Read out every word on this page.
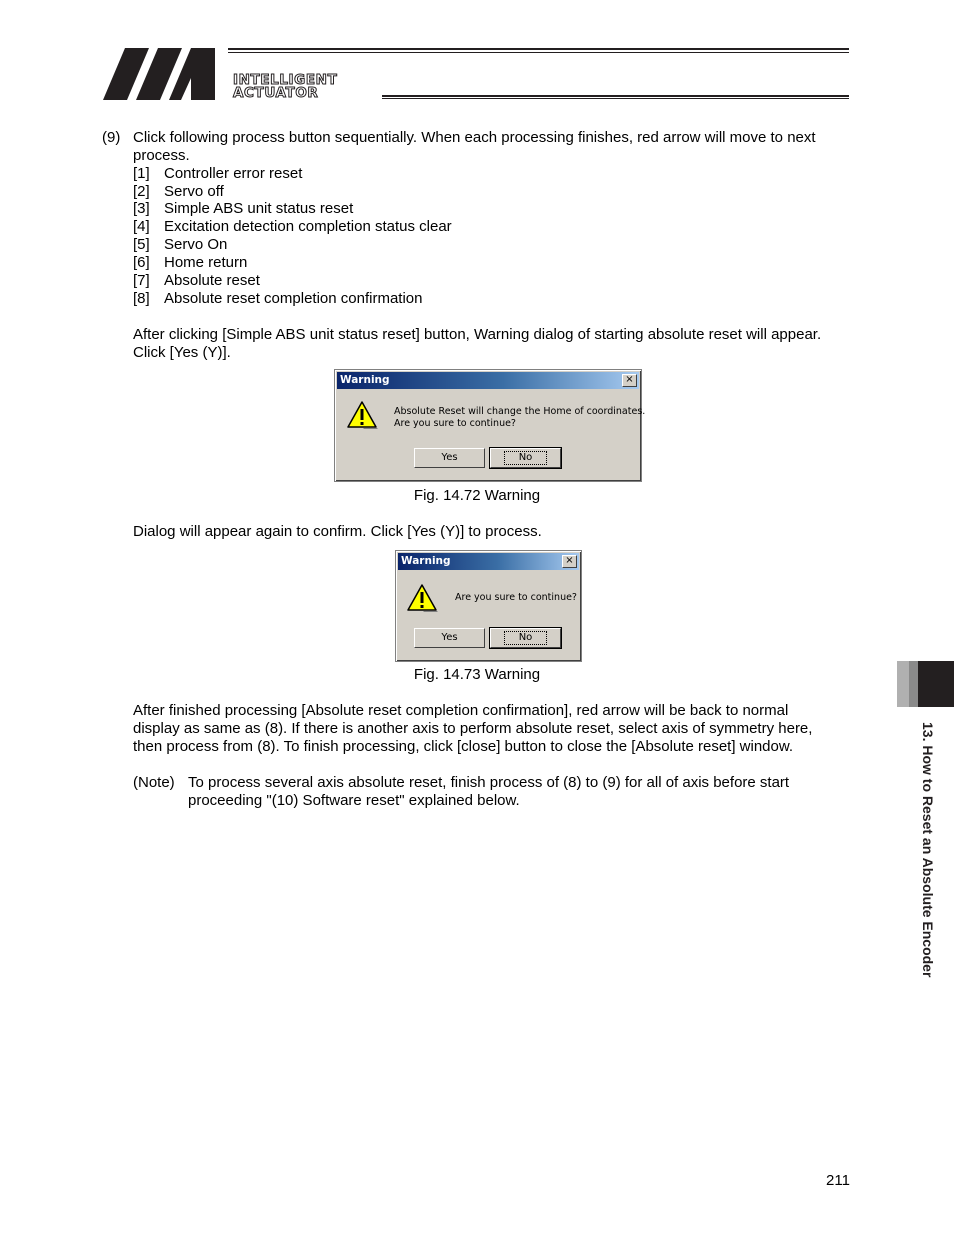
INTELLIGENT
ACTUATOR
(9) Click following process button sequentially. When each processing finishes, red arrow will move to next
process.
[1] Controller error reset
[2] Servo off
[3] Simple ABS unit status reset
[4] Excitation detection completion status clear
[5] Servo On
[6] Home return
[7] Absolute reset
[8] Absolute reset completion confirmation
After clicking [Simple ABS unit status reset] button, Warning dialog of starting absolute reset will appear.
Click [Yes (Y)].
Warning	×
Absolute Reset will change the Home of coordinates.
Are you sure to continue?
Yes	No
Fig. 14.72 Warning
Dialog will appear again to confirm. Click [Yes (Y)] to process.
Warning	×
Are you sure to continue?
Yes	No
Fig. 14.73 Warning
After finished processing [Absolute reset completion confirmation], red arrow will be back to normal
display as same as (8). If there is another axis to perform absolute reset, select axis of symmetry here,
then process from (8). To finish processing, click [close] button to close the [Absolute reset] window.
(Note) To process several axis absolute reset, finish process of (8) to (9) for all of axis before start
proceeding "(10) Software reset" explained below.	13. How to Reset an Absolute Encoder
211
